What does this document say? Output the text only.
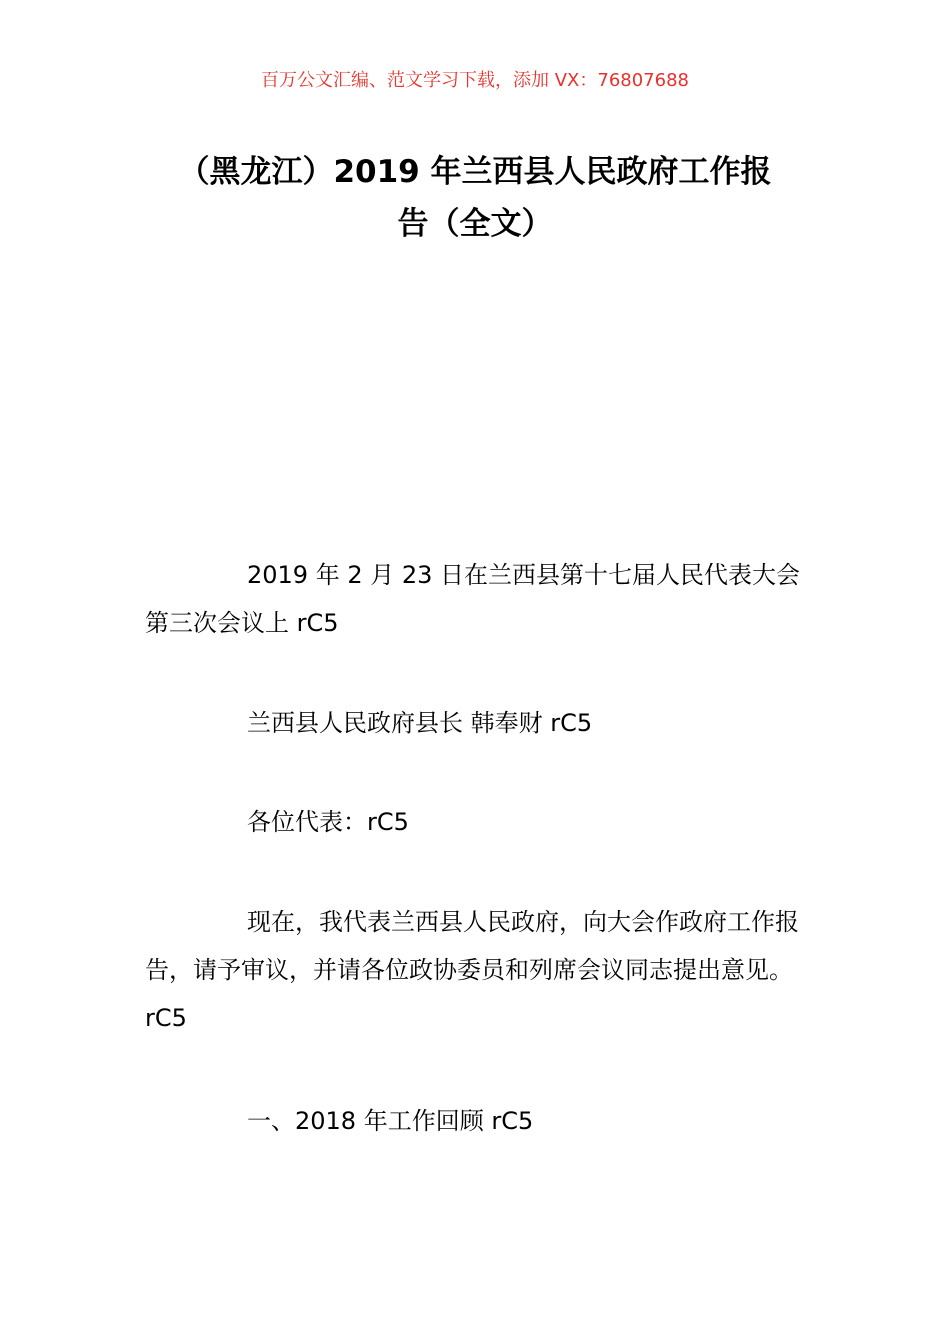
百万公文汇编、范文学习下载，添加 VX：76807688
（黑龙江）2019 年兰西县人民政府工作报
告（全文）

2019 年 2 月 23 日在兰西县第十七届人民代表大会第三次会议上 rC5

兰西县人民政府县长 韩奉财 rC5

各位代表：rC5

现在，我代表兰西县人民政府，向大会作政府工作报告，请予审议，并请各位政协委员和列席会议同志提出意见。rC5

一、2018 年工作回顾 rC5
